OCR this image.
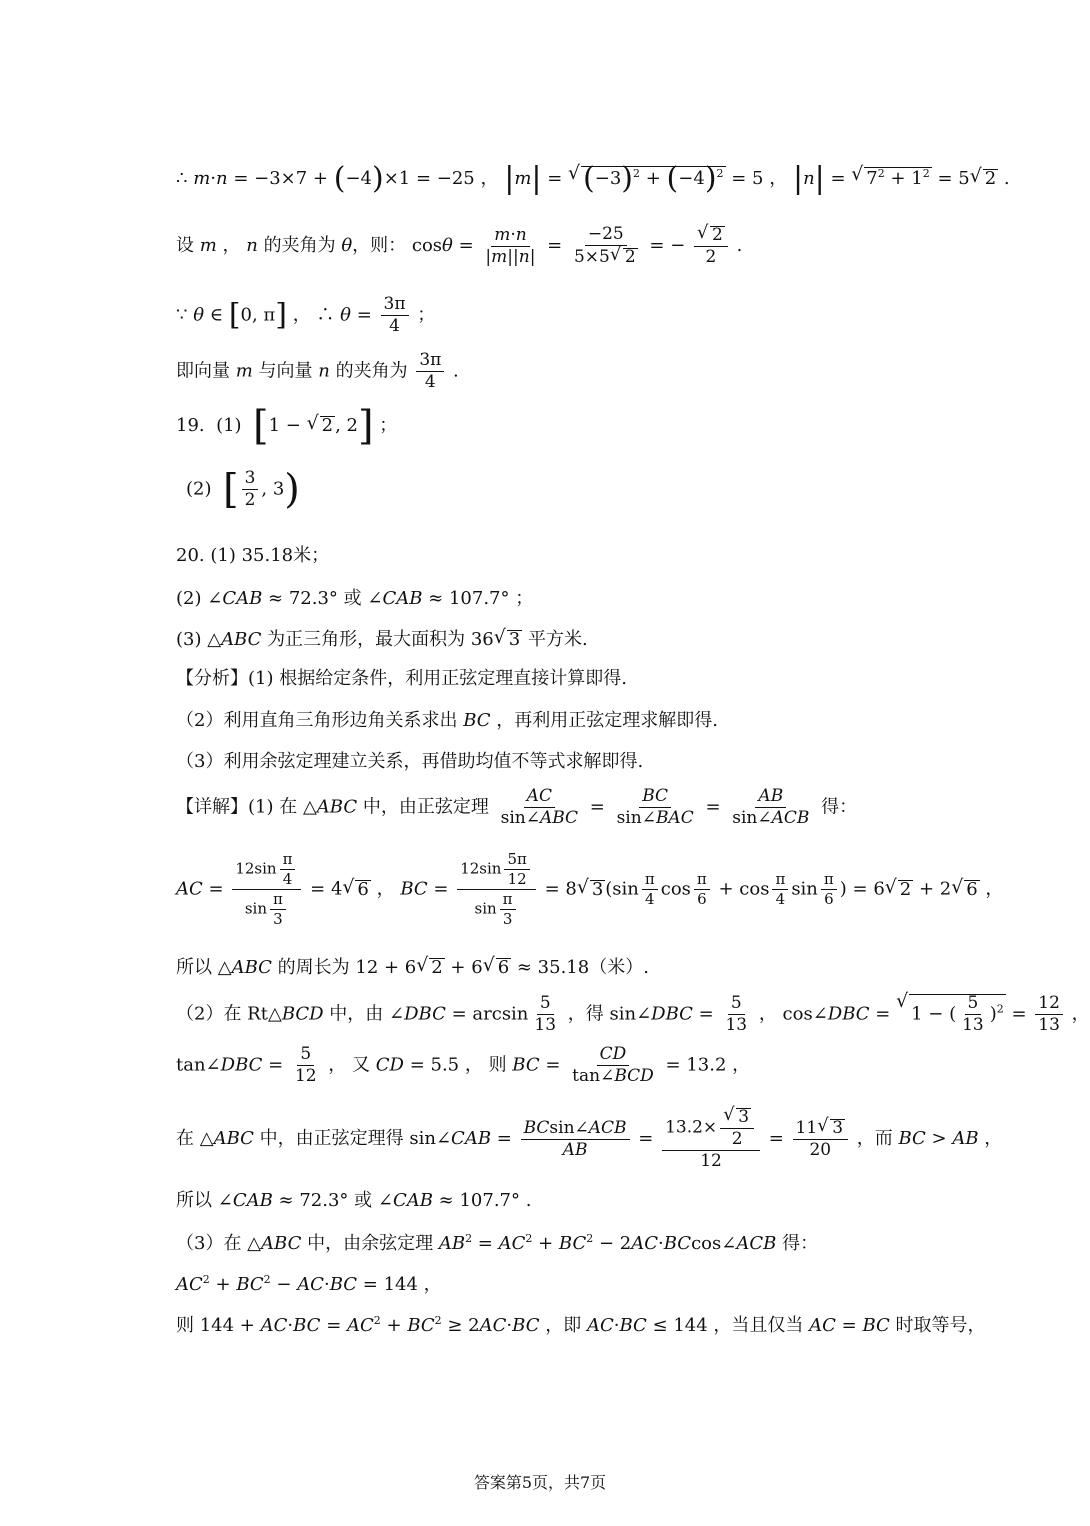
∴ m·n = −3×7 + (−4)×1 = −25 ， |m| = √ $(-3)^2 + (-4)^2 = 5$ ， |n| = √ $7^2 + 1^2 = 5√$ 2 .
设 m ， n 的夹角为 θ，则： $\cos\theta = \frac{m\cdot n}{|m||n|} = \frac{-25}{5\times 5√ 2}$ = −
√ $\frac{2}{2}$ .
∵ θ ∈ [0, π] ， ∴ $\theta = \frac{3\pi}{4}$ ；
即向量 m 与向量 n 的夹角为 $\frac{3\pi}{4}$ .
19.  (1)  [1 − √ 2 , 2] ；
(2)  [ $\frac{3}{2}$ , 3)
20. (1) 35.18米；
(2) ∠CAB ≈ 72.3° 或 ∠CAB ≈ 107.7° ；
(3) △ABC 为正三角形，最大面积为 36√ 3 平方米.
【分析】(1) 根据给定条件，利用正弦定理直接计算即得.
（2）利用直角三角形边角关系求出 BC ，再利用正弦定理求解即得.
（3）利用余弦定理建立关系，再借助均值不等式求解即得.
【详解】(1) 在 △ABC 中，由正弦定理 $\frac{AC}{\text{sin∠ABC}} = \frac{BC}{\text{sin∠BAC}} = \frac{AB}{\text{sin∠ACB}}$ 得：
AC = $\frac{12\sin \frac{\pi}{4}}{\sin \frac{\pi}{3}} = 4√$ 6 ， BC = $\frac{12\sin \frac{5\pi}{12}}{\sin \frac{\pi}{3}} = 8√$ 3 ($\sin \frac{\pi}{4}$ $\cos \frac{\pi}{6} + \cos \frac{\pi}{4}$ $\sin \frac{\pi}{6}$ ) = 6√ 2 + 2√ 6 ，
所以 △ABC 的周长为 12 + 6√ 2 + 6√ 6 ≈ 35.18（米）.
（2）在 Rt△BCD 中，由 ∠DBC = $\arcsin \frac{5}{13}$ ，得 sin∠DBC = $\frac{5}{13}$ ， cos∠DBC = √ 1 − ( $\frac{5}{13} )^2 = \frac{12}{13}$ ，
tan∠DBC = $\frac{5}{12}$ ， 又 CD = 5.5 ， 则 BC = $\frac{CD}{\text{tan∠BCD}} = 13.2$ ，
在 △ABC 中，由正弦定理得 sin∠CAB = $\frac{\text{BCsin∠ACB}}{AB} = 13.2\times$
√ $\frac{3}{2}$
$12 = \frac{11√ 3}{20}$ ，而 BC > AB ，
所以 ∠CAB ≈ 72.3° 或 ∠CAB ≈ 107.7° .
（3）在 △ABC 中，由余弦定理 $AB^2 = AC^2 + BC^2$ − 2AC·BCcos∠ACB 得：
$AC^2 + BC^2 - AC\cdot BC = 144$ ，
则 $144 + AC\cdot BC = AC^2 + BC^2 \ge 2AC\cdot BC$ ，即 AC·BC ≤ 144 ，当且仅当 AC = BC 时取等号，
答案第5页，共7页
